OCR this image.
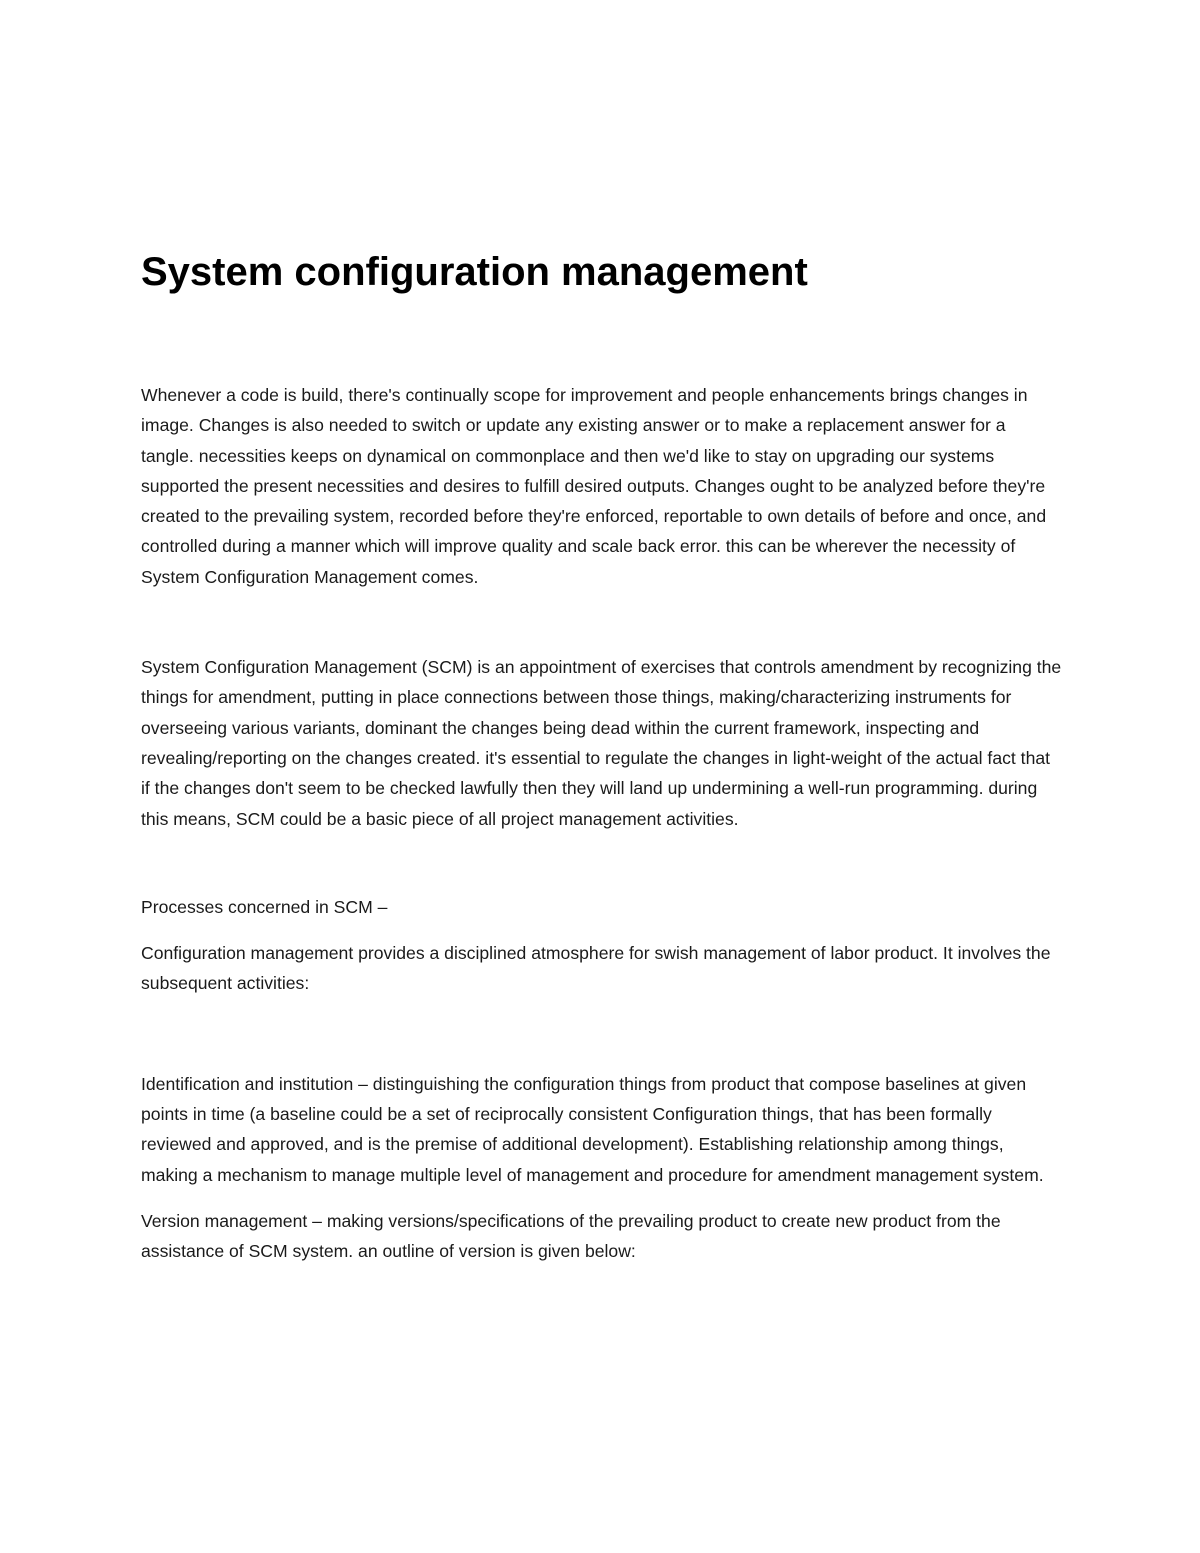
System configuration management

Whenever a code is build, there's continually scope for improvement and people enhancements brings changes in image. Changes is also needed to switch or update any existing answer or to make a replacement answer for a tangle. necessities keeps on dynamical on commonplace and then we'd like to stay on upgrading our systems supported the present necessities and desires to fulfill desired outputs. Changes ought to be analyzed before they're created to the prevailing system, recorded before they're enforced, reportable to own details of before and once, and controlled during a manner which will improve quality and scale back error. this can be wherever the necessity of System Configuration Management comes.

System Configuration Management (SCM) is an appointment of exercises that controls amendment by recognizing the things for amendment, putting in place connections between those things, making/characterizing instruments for overseeing various variants, dominant the changes being dead within the current framework, inspecting and revealing/reporting on the changes created. it's essential to regulate the changes in light-weight of the actual fact that if the changes don't seem to be checked lawfully then they will land up undermining a well-run programming. during this means, SCM could be a basic piece of all project management activities.

Processes concerned in SCM –

Configuration management provides a disciplined atmosphere for swish management of labor product. It involves the subsequent activities:

Identification and institution – distinguishing the configuration things from product that compose baselines at given points in time (a baseline could be a set of reciprocally consistent Configuration things, that has been formally reviewed and approved, and is the premise of additional development). Establishing relationship among things, making a mechanism to manage multiple level of management and procedure for amendment management system.

Version management – making versions/specifications of the prevailing product to create new product from the assistance of SCM system. an outline of version is given below:
